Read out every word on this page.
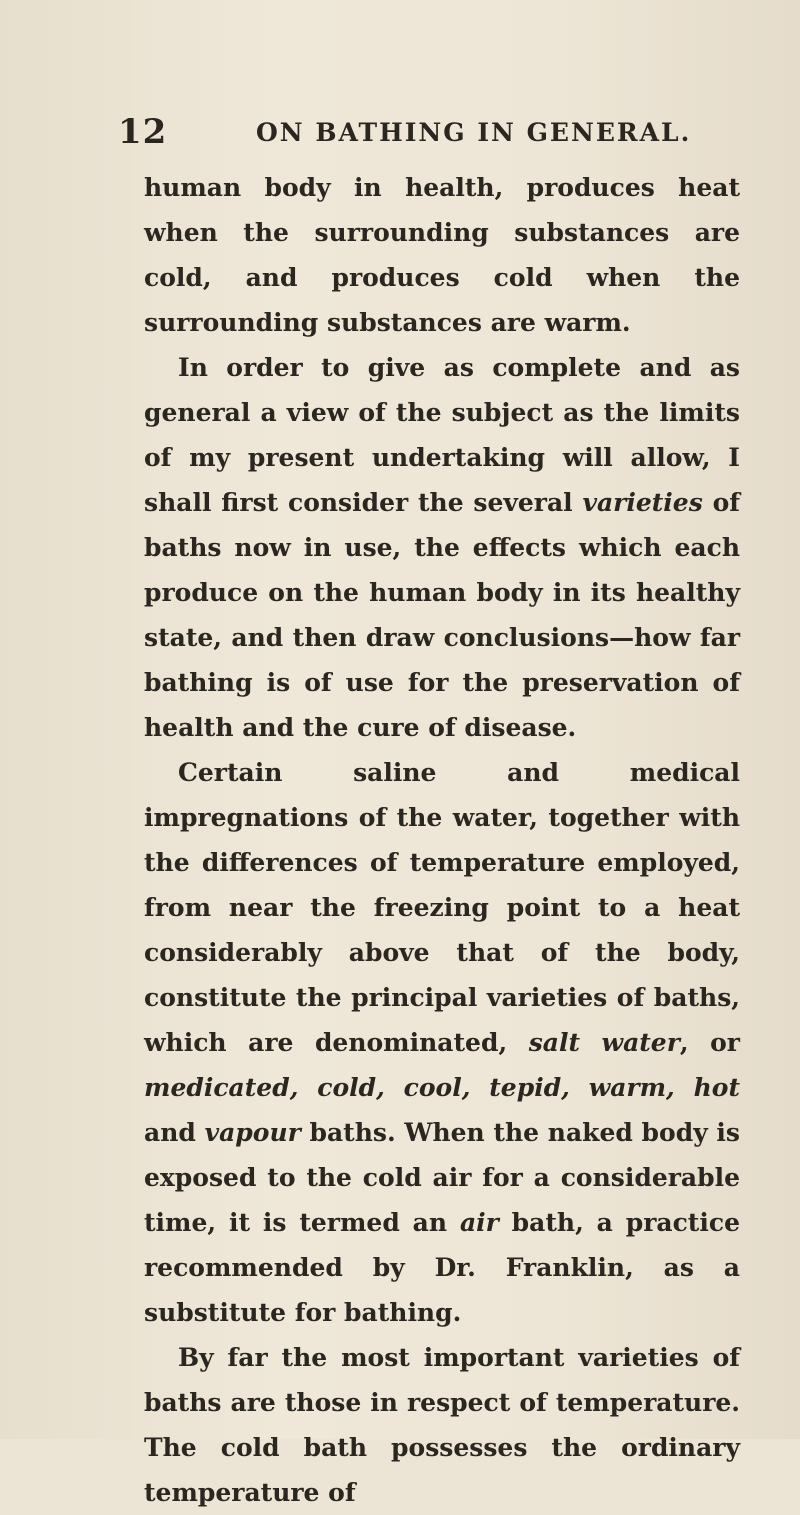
12	ON BATHING IN GENERAL.

human body in health, produces heat when the surrounding substances are cold, and produces cold when the surrounding substances are warm.

In order to give as complete and as general a view of the subject as the limits of my present undertaking will allow, I shall first consider the several varieties of baths now in use, the effects which each produce on the human body in its healthy state, and then draw conclusions—how far bathing is of use for the preservation of health and the cure of disease.

Certain saline and medical impregnations of the water, together with the differences of temperature employed, from near the freezing point to a heat considerably above that of the body, constitute the principal varieties of baths, which are denominated, salt water, or medicated, cold, cool, tepid, warm, hot and vapour baths. When the naked body is exposed to the cold air for a considerable time, it is termed an air bath, a practice recommended by Dr. Franklin, as a substitute for bathing.

By far the most important varieties of baths are those in respect of temperature. The cold bath possesses the ordinary temperature of
